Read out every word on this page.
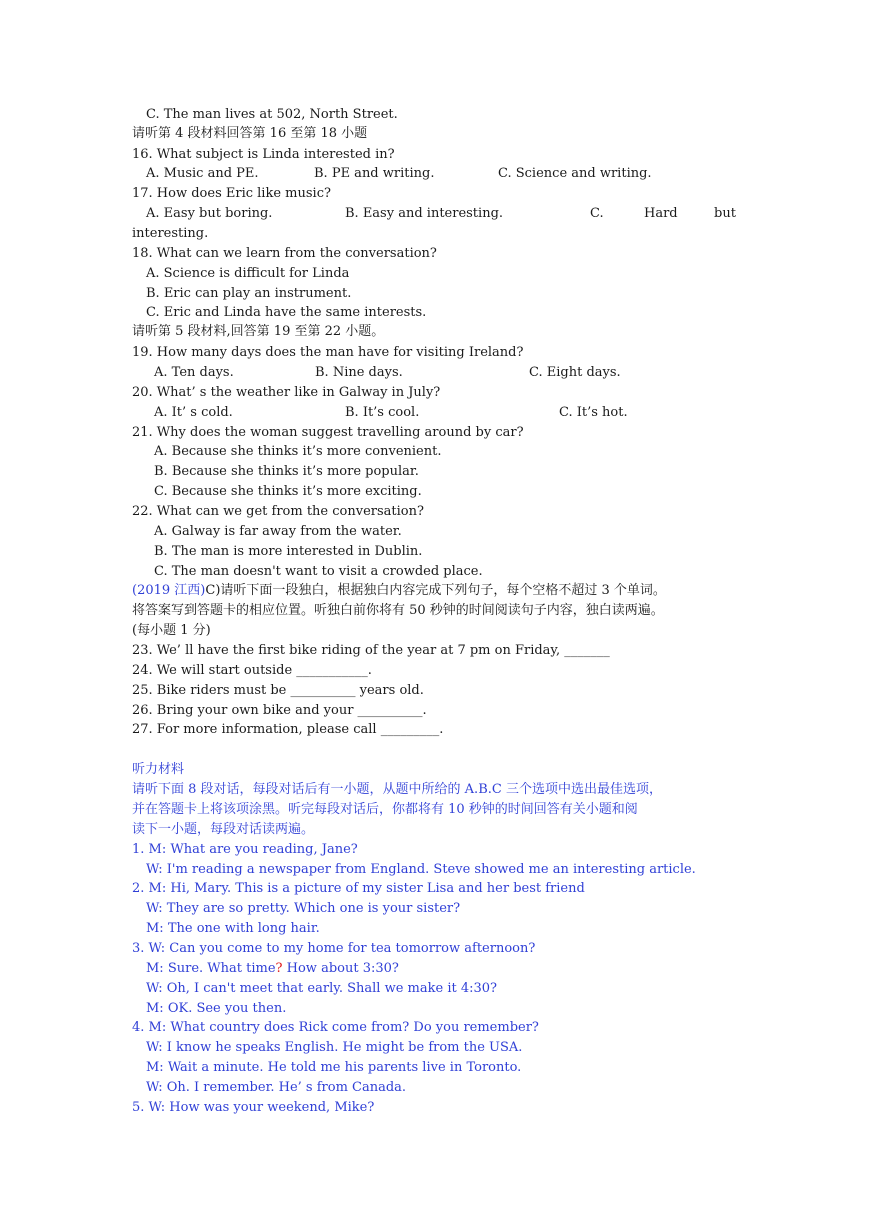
C. The man lives at 502, North Street.
请听第 4 段材料回答第 16 至第 18 小题
16. What subject is Linda interested in?
A. Music and PE.	B. PE and writing.	C. Science and writing.
17. How does Eric like music?
A. Easy but boring.	B. Easy and interesting.	C.	Hard	but
interesting.
18. What can we learn from the conversation?
A. Science is difficult for Linda
B. Eric can play an instrument.
C. Eric and Linda have the same interests.
请听第 5 段材料,回答第 19 至第 22 小题。
19. How many days does the man have for visiting Ireland?
A. Ten days.	B. Nine days.	C. Eight days.
20. What’ s the weather like in Galway in July?
A. It’ s cold.	B. It’s cool.	C. It’s hot.
21. Why does the woman suggest travelling around by car?
A. Because she thinks it’s more convenient.
B. Because she thinks it’s more popular.
C. Because she thinks it’s more exciting.
22. What can we get from the conversation?
A. Galway is far away from the water.
B. The man is more interested in Dublin.
C. The man doesn't want to visit a crowded place.
(2019 江西)C)请听下面一段独白，根据独白内容完成下列句子，每个空格不超过 3 个单词。
将答案写到答题卡的相应位置。听独白前你将有 50 秒钟的时间阅读句子内容，独白读两遍。
(每小题 1 分)
23. We’ ll have the first bike riding of the year at 7 pm on Friday, _______
24. We will start outside ___________.
25. Bike riders must be __________ years old.
26. Bring your own bike and your __________.
27. For more information, please call _________.
听力材料
请听下面 8 段对话，每段对话后有一小题，从题中所给的 A.B.C 三个选项中选出最佳选项，
并在答题卡上将该项涂黑。听完每段对话后，你都将有 10 秒钟的时间回答有关小题和阅
读下一小题，每段对话读两遍。
1. M: What are you reading, Jane?
W: I'm reading a newspaper from England. Steve showed me an interesting article.
2. M: Hi, Mary. This is a picture of my sister Lisa and her best friend
W: They are so pretty. Which one is your sister?
M: The one with long hair.
3. W: Can you come to my home for tea tomorrow afternoon?
M: Sure. What time? How about 3:30?
W: Oh, I can't meet that early. Shall we make it 4:30?
M: OK. See you then.
4. M: What country does Rick come from? Do you remember?
W: I know he speaks English. He might be from the USA.
M: Wait a minute. He told me his parents live in Toronto.
W: Oh. I remember. He’ s from Canada.
5. W: How was your weekend, Mike?
